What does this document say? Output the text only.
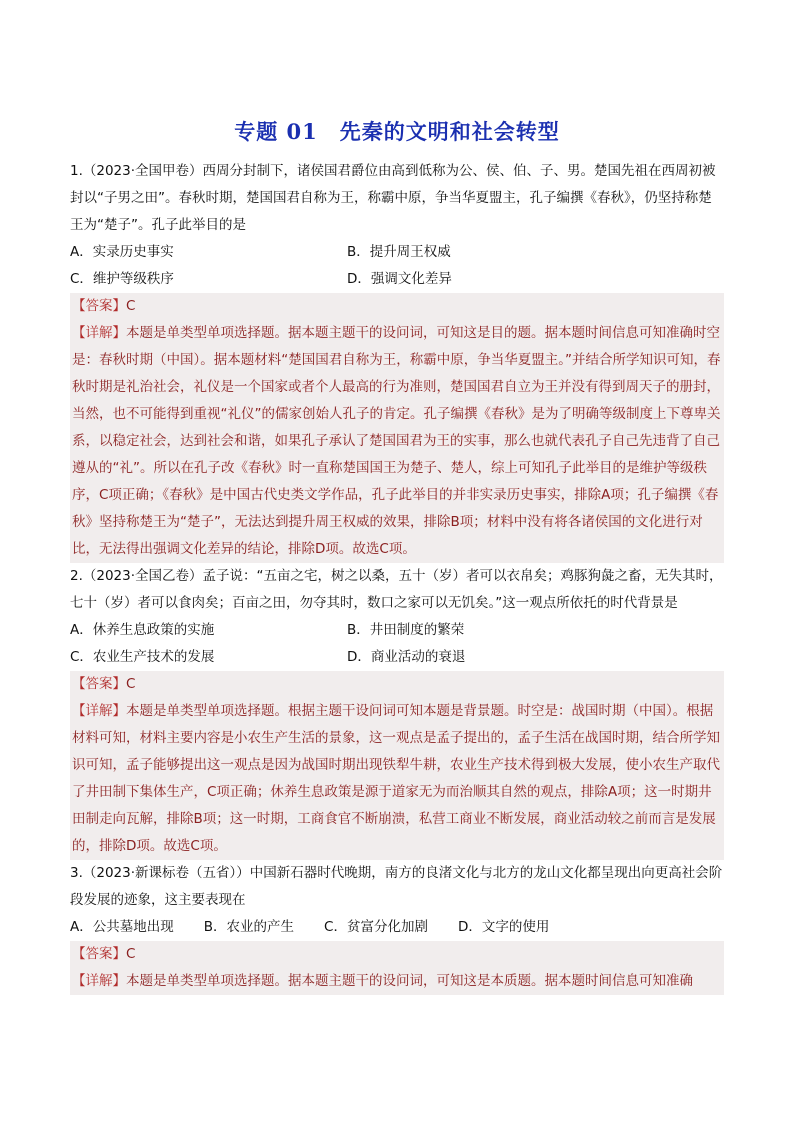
专题 01　先秦的文明和社会转型

1.（2023·全国甲卷）西周分封制下，诸侯国君爵位由高到低称为公、侯、伯、子、男。楚国先祖在西周初被封以“子男之田”。春秋时期，楚国国君自称为王，称霸中原，争当华夏盟主，孔子编撰《春秋》，仍坚持称楚王为“楚子”。孔子此举目的是

A．实录历史事实	B．提升周王权威
C．维护等级秩序	D．强调文化差异
【答案】C
【详解】本题是单类型单项选择题。据本题主题干的设问词，可知这是目的题。据本题时间信息可知准确时空是：春秋时期（中国）。据本题材料“楚国国君自称为王，称霸中原，争当华夏盟主。”并结合所学知识可知，春秋时期是礼治社会，礼仪是一个国家或者个人最高的行为准则，楚国国君自立为王并没有得到周天子的册封，当然，也不可能得到重视“礼仪”的儒家创始人孔子的肯定。孔子编撰《春秋》是为了明确等级制度上下尊卑关系，以稳定社会，达到社会和谐，如果孔子承认了楚国国君为王的实事，那么也就代表孔子自己先违背了自己遵从的“礼”。所以在孔子改《春秋》时一直称楚国国王为楚子、楚人，综上可知孔子此举目的是维护等级秩序，C项正确；《春秋》是中国古代史类文学作品，孔子此举目的并非实录历史事实，排除A项；孔子编撰《春秋》坚持称楚王为“楚子”，无法达到提升周王权威的效果，排除B项；材料中没有将各诸侯国的文化进行对比，无法得出强调文化差异的结论，排除D项。故选C项。

2.（2023·全国乙卷）孟子说：“五亩之宅，树之以桑，五十（岁）者可以衣帛矣；鸡豚狗彘之畜，无失其时，七十（岁）者可以食肉矣；百亩之田，勿夺其时，数口之家可以无饥矣。”这一观点所依托的时代背景是

A．休养生息政策的实施	B．井田制度的繁荣
C．农业生产技术的发展	D．商业活动的衰退
【答案】C
【详解】本题是单类型单项选择题。根据主题干设问词可知本题是背景题。时空是：战国时期（中国）。根据材料可知，材料主要内容是小农生产生活的景象，这一观点是孟子提出的，孟子生活在战国时期，结合所学知识可知，孟子能够提出这一观点是因为战国时期出现铁犁牛耕，农业生产技术得到极大发展，使小农生产取代了井田制下集体生产，C项正确；休养生息政策是源于道家无为而治顺其自然的观点，排除A项；这一时期井田制走向瓦解，排除B项；这一时期，工商食官不断崩溃，私营工商业不断发展，商业活动较之前而言是发展的，排除D项。故选C项。

3.（2023·新课标卷（五省））中国新石器时代晚期，南方的良渚文化与北方的龙山文化都呈现出向更高社会阶段发展的迹象，这主要表现在

A．公共墓地出现 B．农业的产生 C．贫富分化加剧 D．文字的使用
【答案】C
【详解】本题是单类型单项选择题。据本题主题干的设问词，可知这是本质题。据本题时间信息可知准确
